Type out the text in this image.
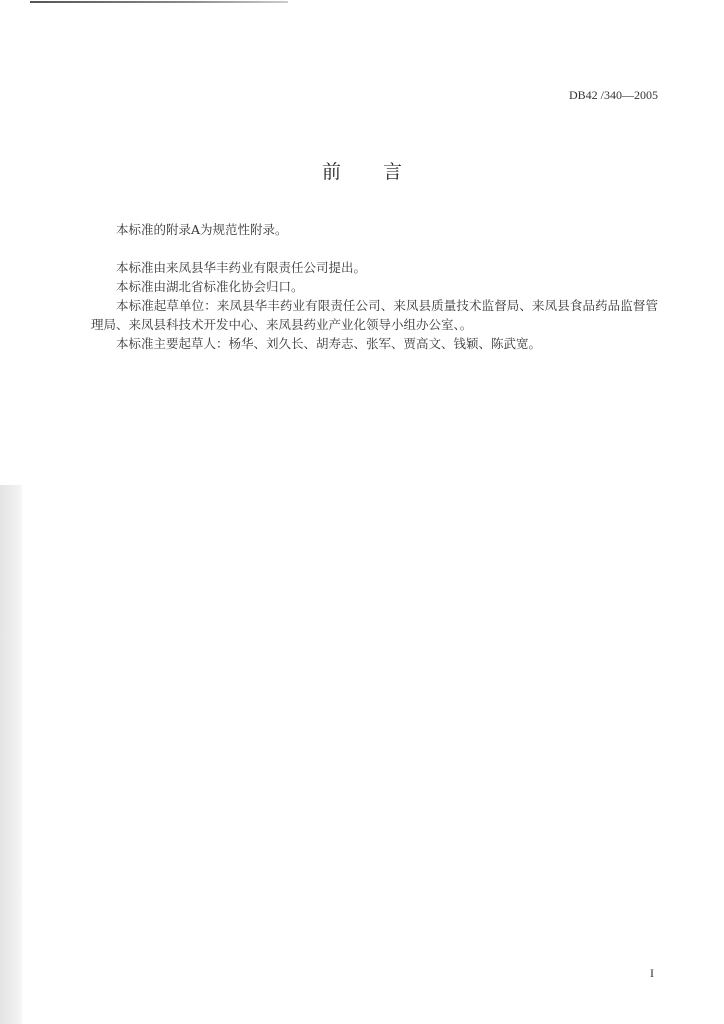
DB42 /340—2005
前 言

本标准的附录A为规范性附录。

本标准由来凤县华丰药业有限责任公司提出。

本标准由湖北省标准化协会归口。

本标准起草单位：来凤县华丰药业有限责任公司、来凤县质量技术监督局、来凤县食品药品监督管理局、来凤县科技术开发中心、来凤县药业产业化领导小组办公室、。

本标准主要起草人：杨华、刘久长、胡寿志、张军、贾高文、钱颖、陈武宽。

I
